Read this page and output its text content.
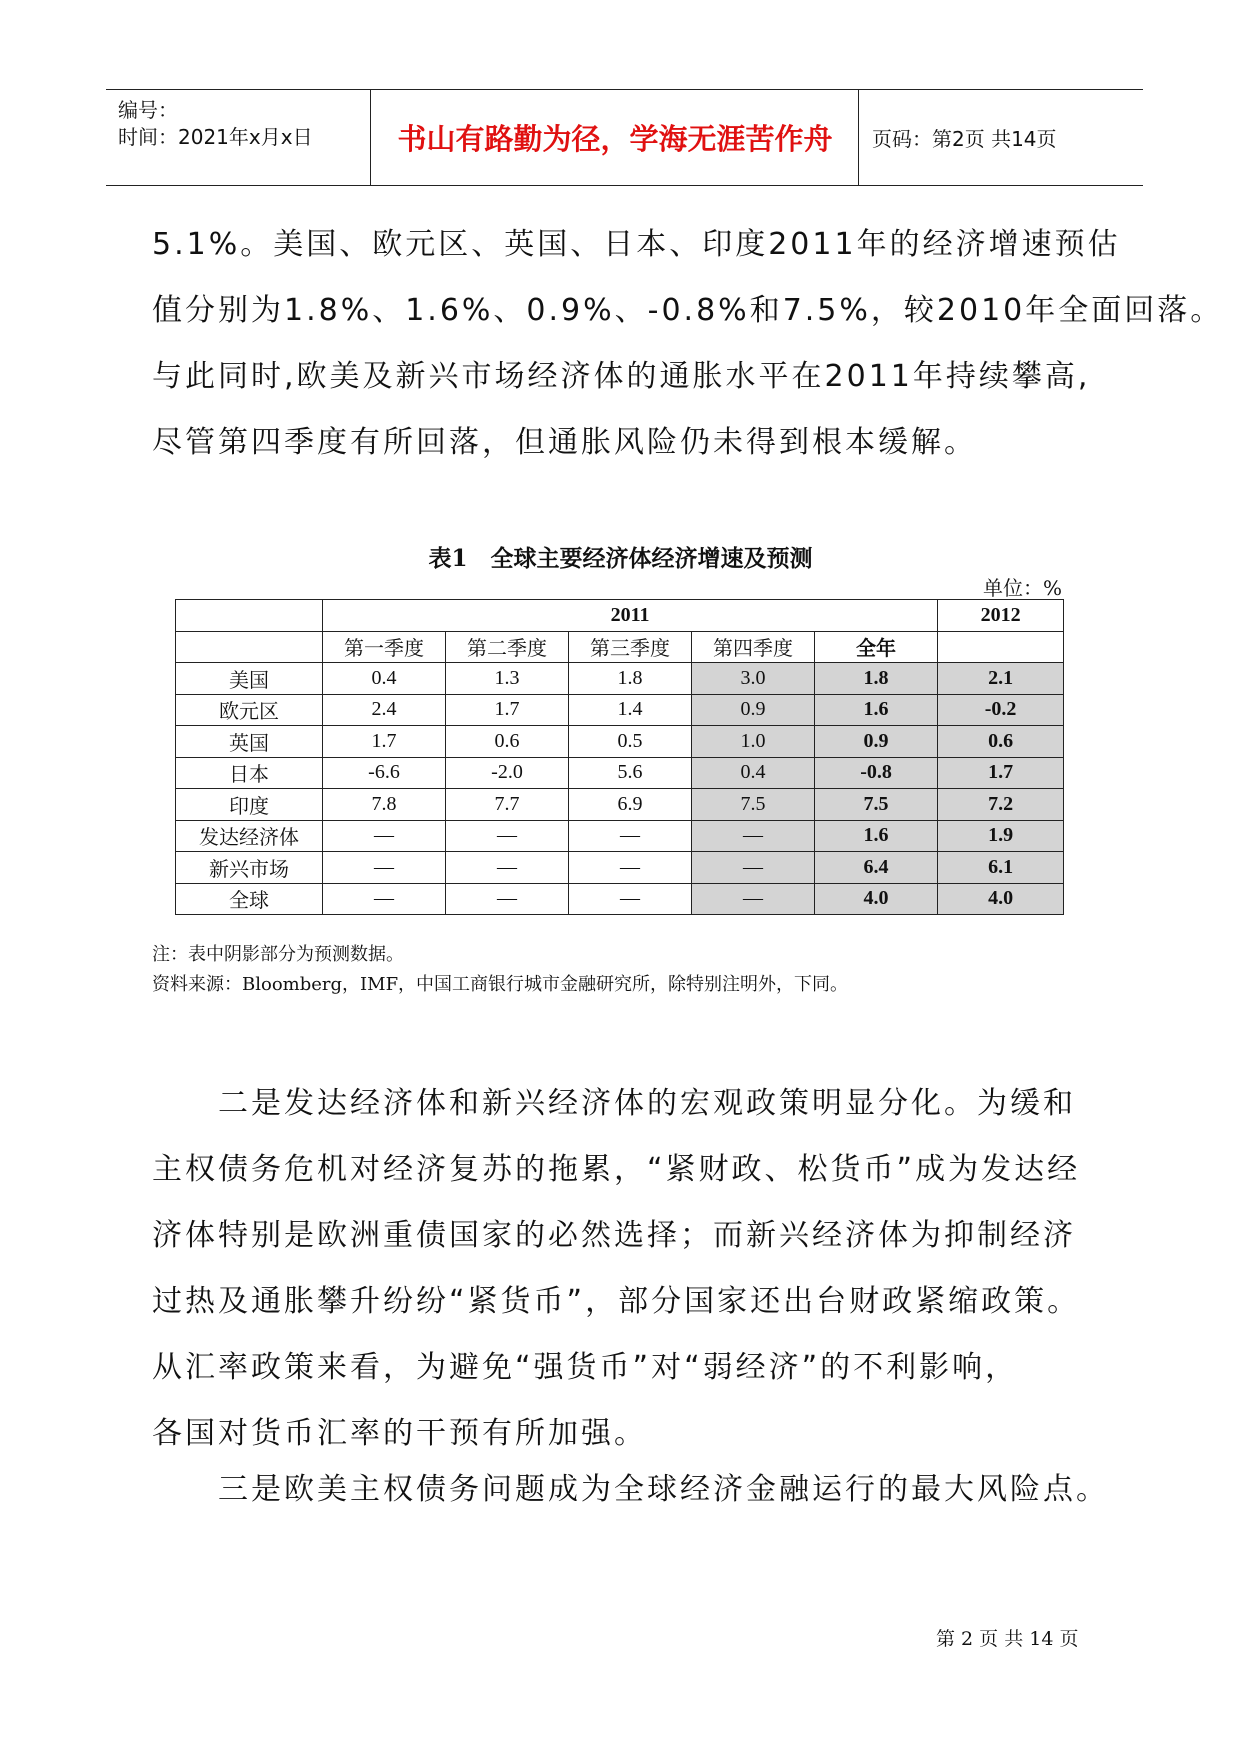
编号：
时间：2021年x月x日	书山有路勤为径，学海无涯苦作舟	页码：第2页 共14页
5.1%。美国、欧元区、英国、日本、印度2011年的经济增速预估
值分别为1.8%、1.6%、0.9%、-0.8%和7.5%，较2010年全面回落。
与此同时,欧美及新兴市场经济体的通胀水平在2011年持续攀高,
尽管第四季度有所回落，但通胀风险仍未得到根本缓解。
表1　全球主要经济体经济增速及预测
单位：%
	2011					2012
	第一季度	第二季度	第三季度	第四季度	全年	
美国	0.4	1.3	1.8	3.0	1.8	2.1
欧元区	2.4	1.7	1.4	0.9	1.6	-0.2
英国	1.7	0.6	0.5	1.0	0.9	0.6
日本	-6.6	-2.0	5.6	0.4	-0.8	1.7
印度	7.8	7.7	6.9	7.5	7.5	7.2
发达经济体	—	—	—	—	1.6	1.9
新兴市场	—	—	—	—	6.4	6.1
全球	—	—	—	—	4.0	4.0
注：表中阴影部分为预测数据。
资料来源：Bloomberg，IMF，中国工商银行城市金融研究所，除特别注明外，下同。
　　二是发达经济体和新兴经济体的宏观政策明显分化。为缓和
主权债务危机对经济复苏的拖累，“紧财政、松货币”成为发达经
济体特别是欧洲重债国家的必然选择；而新兴经济体为抑制经济
过热及通胀攀升纷纷“紧货币”，部分国家还出台财政紧缩政策。
从汇率政策来看，为避免“强货币”对“弱经济”的不利影响，
各国对货币汇率的干预有所加强。
　　三是欧美主权债务问题成为全球经济金融运行的最大风险点。
第 2 页 共 14 页
